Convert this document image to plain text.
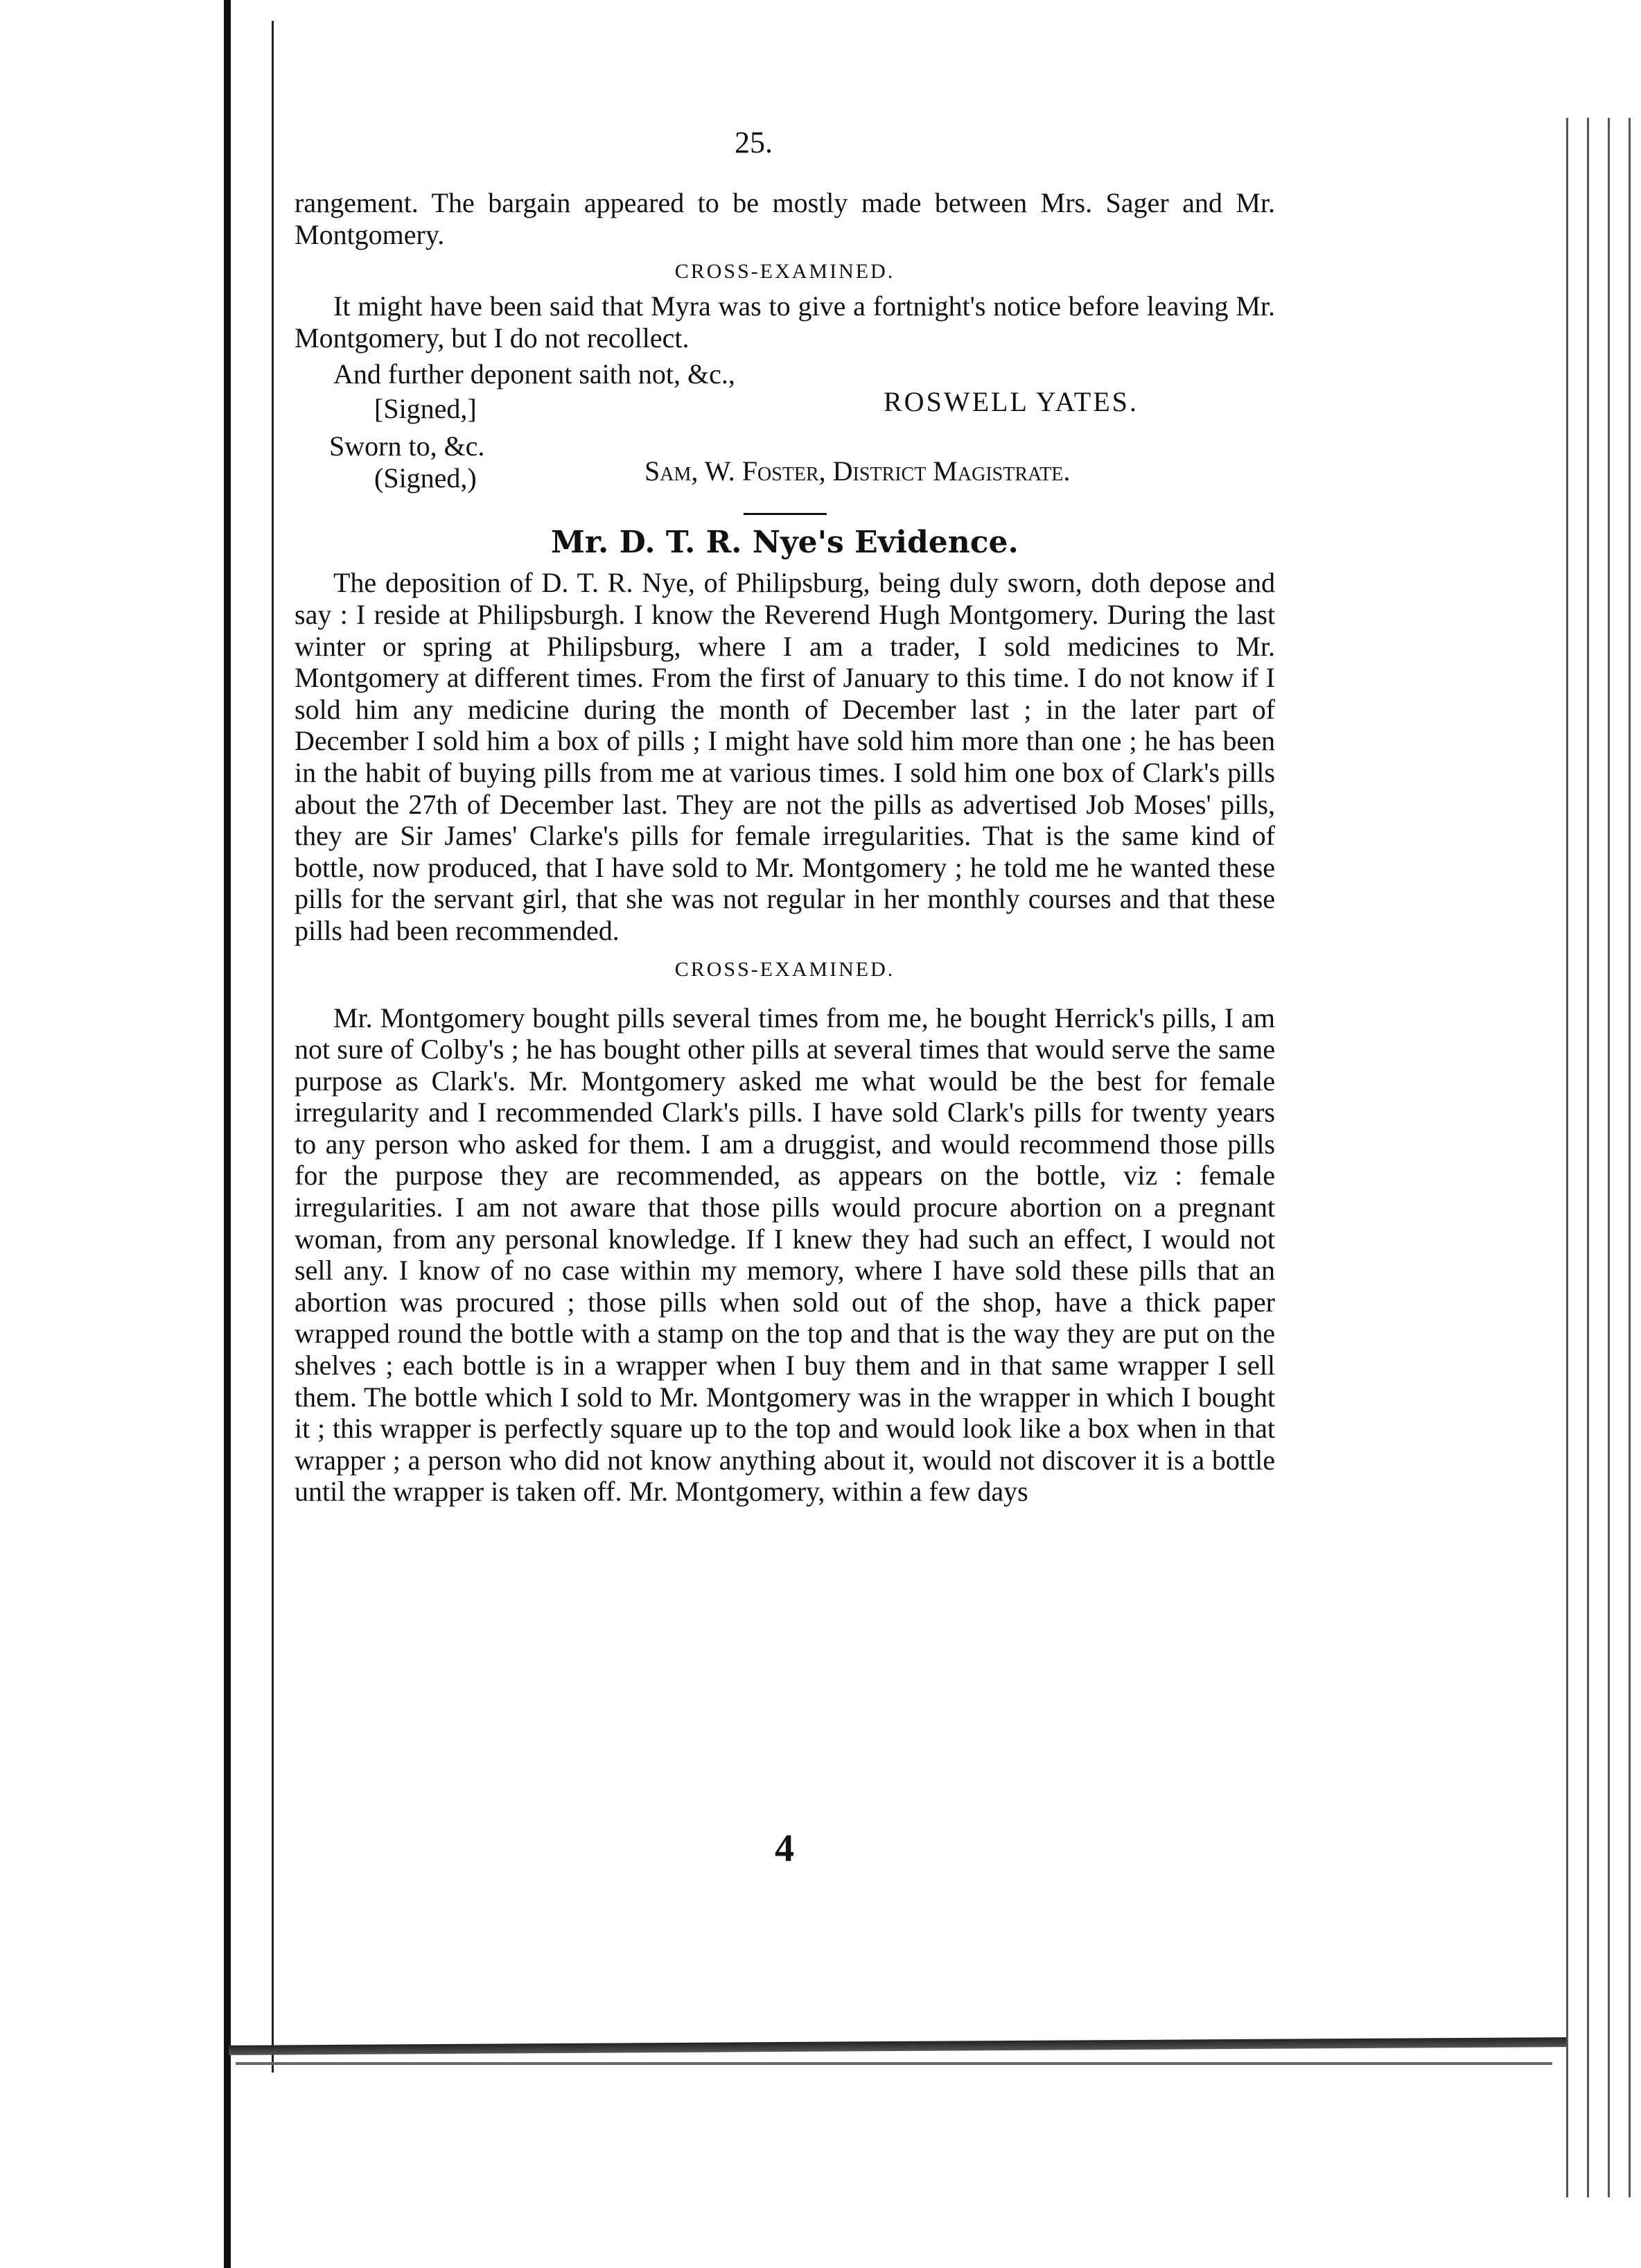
25.

rangement. The bargain appeared to be mostly made between Mrs. Sager and Mr. Montgomery.

CROSS-EXAMINED.

It might have been said that Myra was to give a fortnight's notice before leaving Mr. Montgomery, but I do not recollect.

And further deponent saith not, &c.,
[Signed,]	ROSWELL YATES.
Sworn to, &c.
(Signed,)	Sam, W. Foster, District Magistrate.
Mr. D. T. R. Nye's Evidence.

The deposition of D. T. R. Nye, of Philipsburg, being duly sworn, doth depose and say : I reside at Philipsburgh. I know the Reverend Hugh Montgomery. During the last winter or spring at Philipsburg, where I am a trader, I sold medicines to Mr. Montgomery at different times. From the first of January to this time. I do not know if I sold him any medicine during the month of December last ; in the later part of December I sold him a box of pills ; I might have sold him more than one ; he has been in the habit of buying pills from me at various times. I sold him one box of Clark's pills about the 27th of December last. They are not the pills as advertised Job Moses' pills, they are Sir James' Clarke's pills for female irregularities. That is the same kind of bottle, now produced, that I have sold to Mr. Montgomery ; he told me he wanted these pills for the servant girl, that she was not regular in her monthly courses and that these pills had been recommended.

CROSS-EXAMINED.

Mr. Montgomery bought pills several times from me, he bought Herrick's pills, I am not sure of Colby's ; he has bought other pills at several times that would serve the same purpose as Clark's. Mr. Montgomery asked me what would be the best for female irregularity and I recommended Clark's pills. I have sold Clark's pills for twenty years to any person who asked for them. I am a druggist, and would recommend those pills for the purpose they are recommended, as appears on the bottle, viz : female irregularities. I am not aware that those pills would procure abortion on a pregnant woman, from any personal knowledge. If I knew they had such an effect, I would not sell any. I know of no case within my memory, where I have sold these pills that an abortion was procured ; those pills when sold out of the shop, have a thick paper wrapped round the bottle with a stamp on the top and that is the way they are put on the shelves ; each bottle is in a wrapper when I buy them and in that same wrapper I sell them. The bottle which I sold to Mr. Montgomery was in the wrapper in which I bought it ; this wrapper is perfectly square up to the top and would look like a box when in that wrapper ; a person who did not know anything about it, would not discover it is a bottle until the wrapper is taken off. Mr. Montgomery, within a few days

4
